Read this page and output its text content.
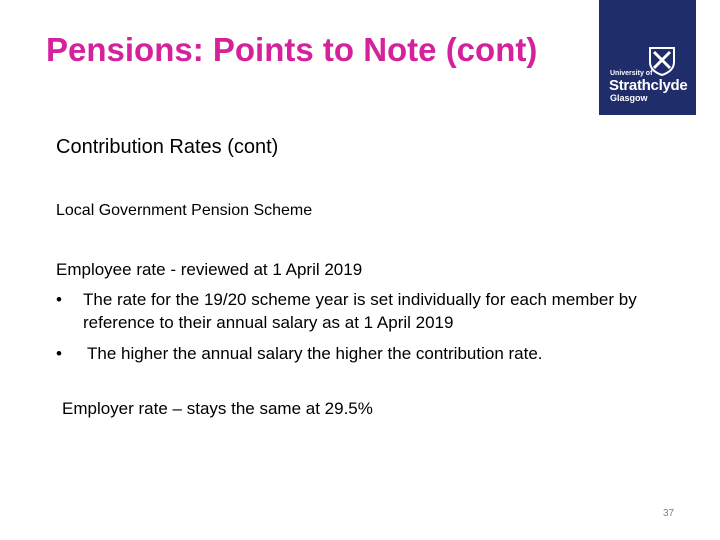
Pensions: Points to Note (cont)
University of
Strathclyde
Glasgow
Contribution Rates (cont)
Local Government Pension Scheme
Employee rate - reviewed at 1 April 2019
• The rate for the 19/20 scheme year is set individually for each member by reference to their annual salary as at 1 April 2019
• The higher the annual salary the higher the contribution rate.
Employer rate – stays the same at 29.5%
37
